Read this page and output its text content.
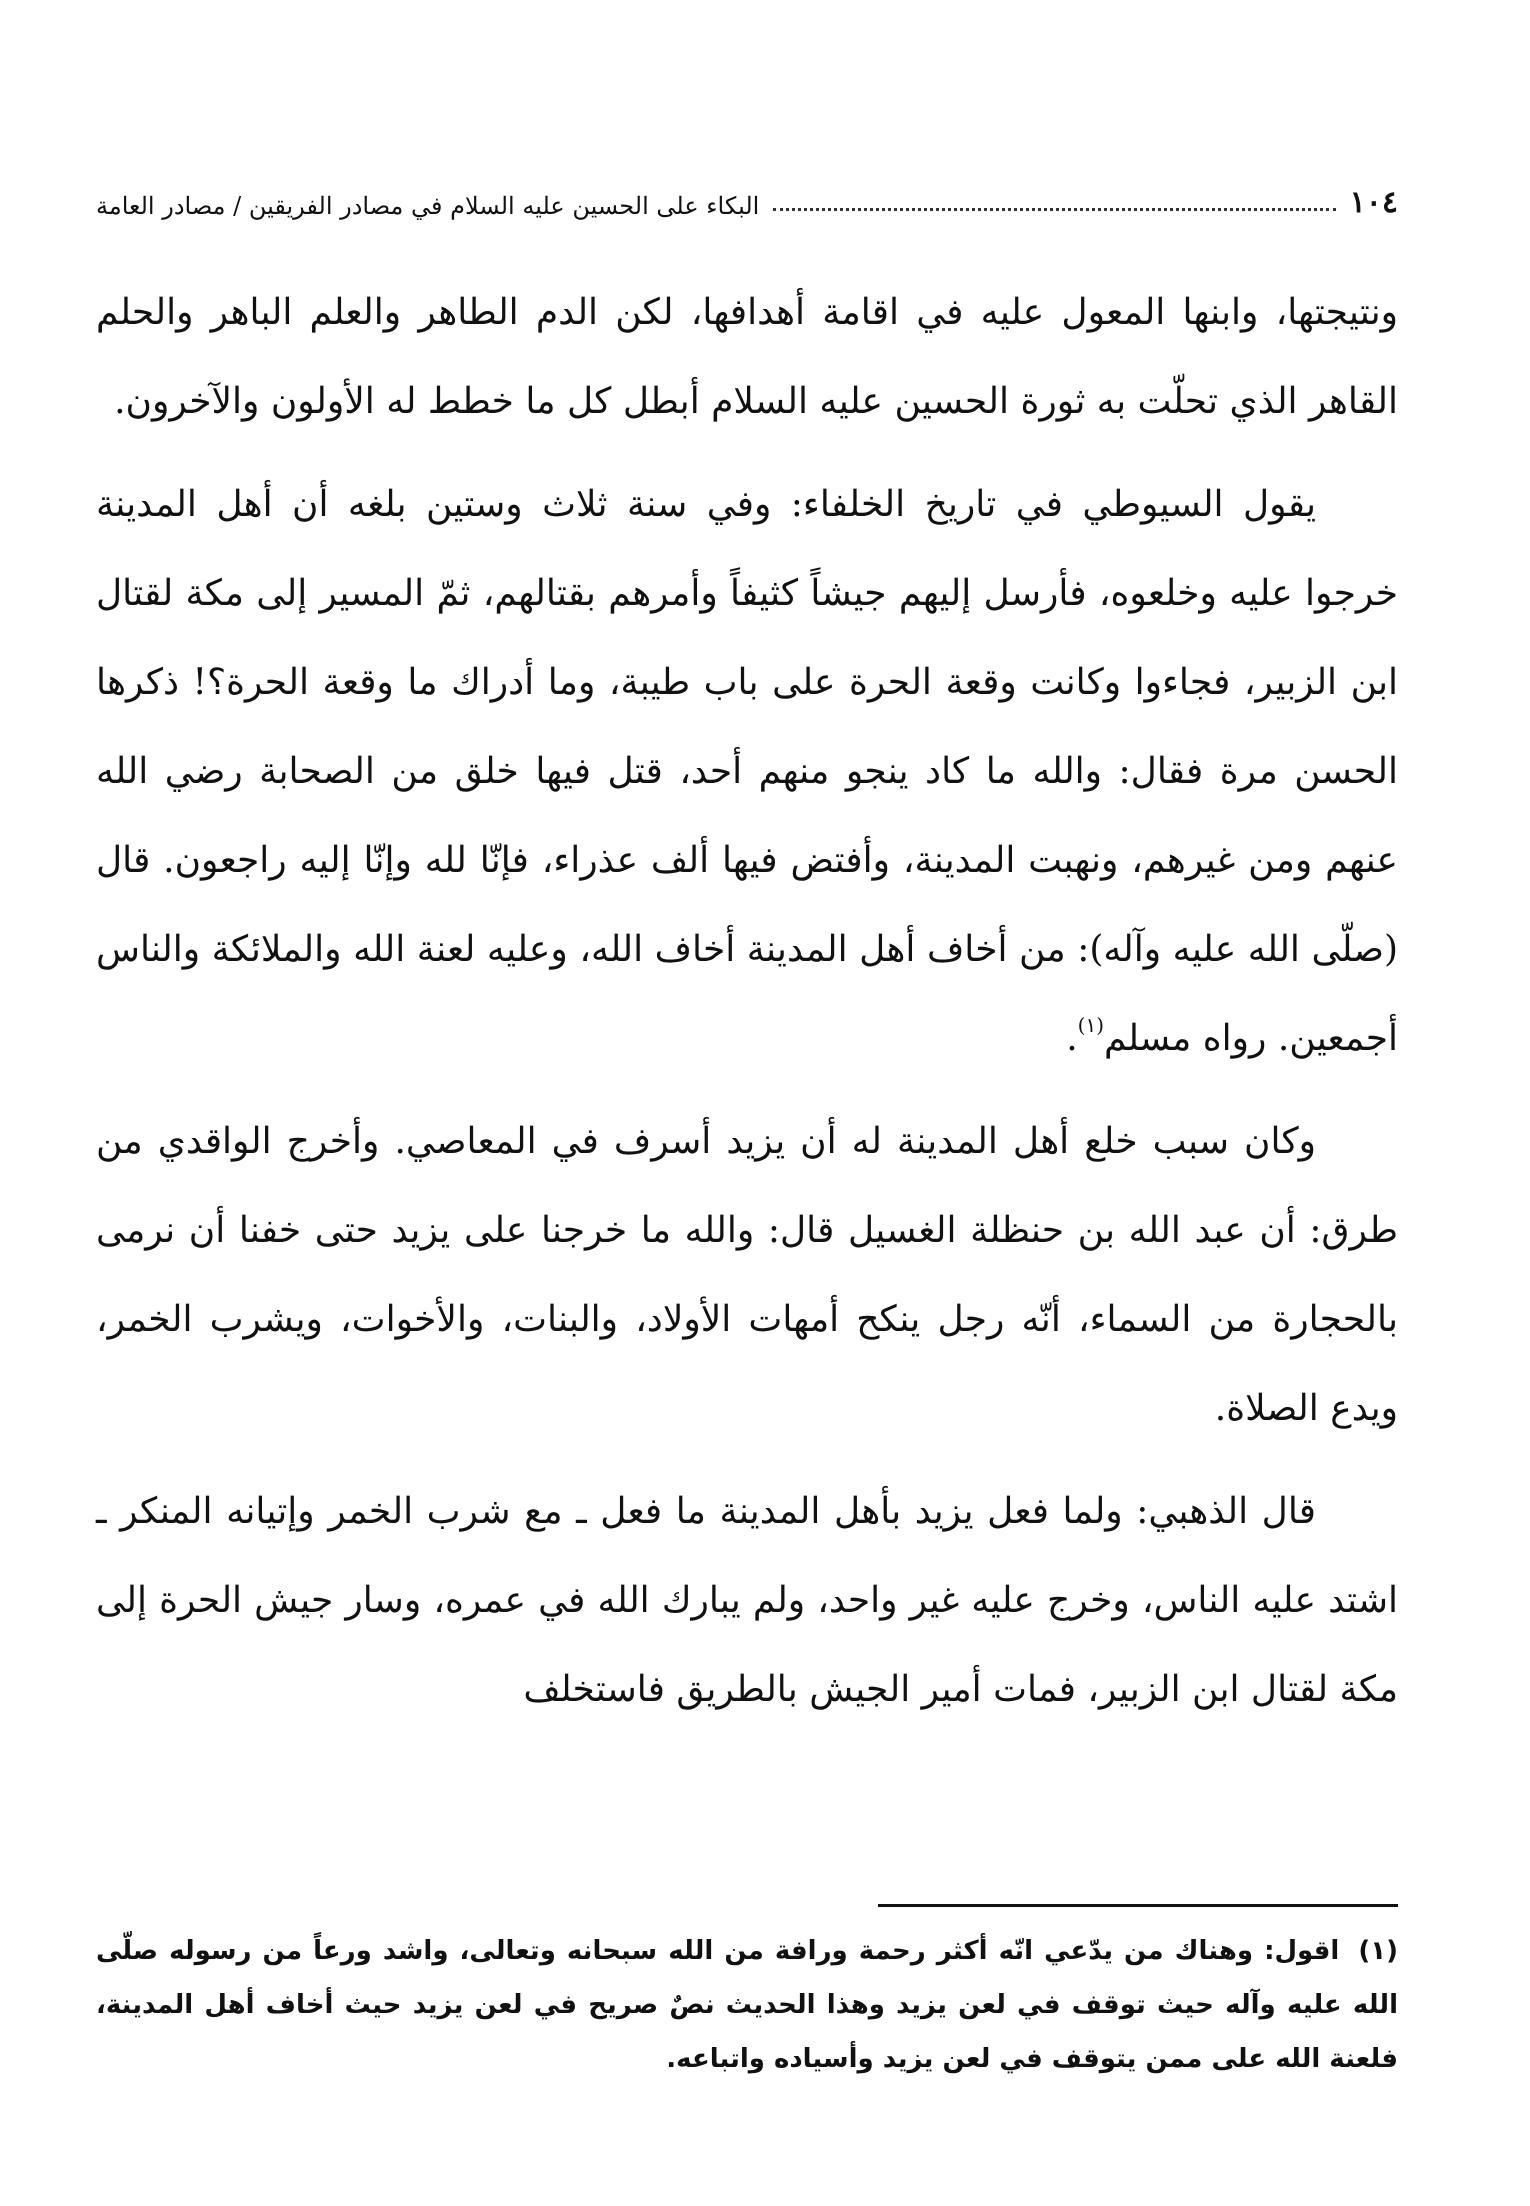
١٠٤
البكاء على الحسين عليه السلام في مصادر الفريقين / مصادر العامة

ونتيجتها، وابنها المعول عليه في اقامة أهدافها، لكن الدم الطاهر والعلم الباهر والحلم القاهر الذي تحلّت به ثورة الحسين عليه السلام أبطل كل ما خطط له الأولون والآخرون.

يقول السيوطي في تاريخ الخلفاء: وفي سنة ثلاث وستين بلغه أن أهل المدينة خرجوا عليه وخلعوه، فأرسل إليهم جيشاً كثيفاً وأمرهم بقتالهم، ثمّ المسير إلى مكة لقتال ابن الزبير، فجاءوا وكانت وقعة الحرة على باب طيبة، وما أدراك ما وقعة الحرة؟! ذكرها الحسن مرة فقال: والله ما كاد ينجو منهم أحد، قتل فيها خلق من الصحابة رضي الله عنهم ومن غيرهم، ونهبت المدينة، وأفتض فيها ألف عذراء، فإنّا لله وإنّا إليه راجعون. قال (صلّى الله عليه وآله): من أخاف أهل المدينة أخاف الله، وعليه لعنة الله والملائكة والناس أجمعين. رواه مسلم$^{(١)}$.

وكان سبب خلع أهل المدينة له أن يزيد أسرف في المعاصي. وأخرج الواقدي من طرق: أن عبد الله بن حنظلة الغسيل قال: والله ما خرجنا على يزيد حتى خفنا أن نرمى بالحجارة من السماء، أنّه رجل ينكح أمهات الأولاد، والبنات، والأخوات، ويشرب الخمر، ويدع الصلاة.

قال الذهبي: ولما فعل يزيد بأهل المدينة ما فعل ـ مع شرب الخمر وإتيانه المنكر ـ اشتد عليه الناس، وخرج عليه غير واحد، ولم يبارك الله في عمره، وسار جيش الحرة إلى مكة لقتال ابن الزبير، فمات أمير الجيش بالطريق فاستخلف

(١) اقول: وهناك من يدّعي انّه أكثر رحمة ورافة من الله سبحانه وتعالى، واشد ورعاً من رسوله صلّى الله عليه وآله حيث توقف في لعن يزيد وهذا الحديث نصٌ صريح في لعن يزيد حيث أخاف أهل المدينة، فلعنة الله على ممن يتوقف في لعن يزيد وأسياده واتباعه.
